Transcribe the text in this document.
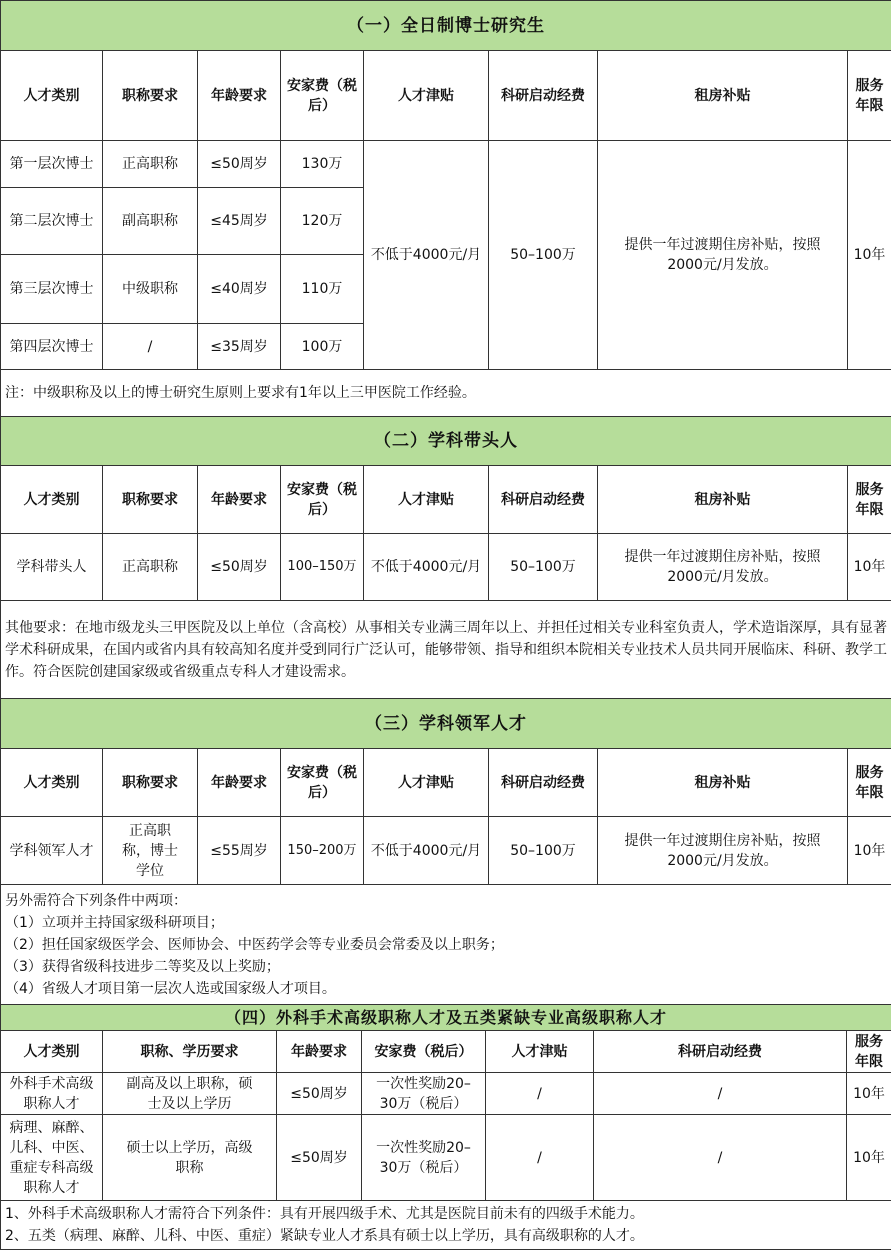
（一）全日制博士研究生							
人才类别	职称要求	年龄要求	安家费（税后）	人才津贴	科研启动经费	租房补贴	服务年限
第一层次博士	正高职称	≤50周岁	130万	不低于4000元/月	50–100万	提供一年过渡期住房补贴，按照2000元/月发放。	10年
第二层次博士	副高职称	≤45周岁	120万				
第三层次博士	中级职称	≤40周岁	110万				
第四层次博士	/	≤35周岁	100万				
注：中级职称及以上的博士研究生原则上要求有1年以上三甲医院工作经验。							
（二）学科带头人							
人才类别	职称要求	年龄要求	安家费（税后）	人才津贴	科研启动经费	租房补贴	服务年限
学科带头人	正高职称	≤50周岁	100–150万	不低于4000元/月	50–100万	提供一年过渡期住房补贴，按照2000元/月发放。	10年
其他要求：在地市级龙头三甲医院及以上单位（含高校）从事相关专业满三周年以上、并担任过相关专业科室负责人，学术造诣深厚，具有显著学术科研成果，在国内或省内具有较高知名度并受到同行广泛认可，能够带领、指导和组织本院相关专业技术人员共同开展临床、科研、教学工作。符合医院创建国家级或省级重点专科人才建设需求。							
（三）学科领军人才							
人才类别	职称要求	年龄要求	安家费（税后）	人才津贴	科研启动经费	租房补贴	服务年限
学科领军人才	正高职称，博士学位	≤55周岁	150–200万	不低于4000元/月	50–100万	提供一年过渡期住房补贴，按照2000元/月发放。	10年

另外需符合下列条件中两项：
（1）立项并主持国家级科研项目；
（2）担任国家级医学会、医师协会、中医药学会等专业委员会常委及以上职务；
（3）获得省级科技进步二等奖及以上奖励；
（4）省级人才项目第一层次人选或国家级人才项目。							
（四）外科手术高级职称人才及五类紧缺专业高级职称人才						
人才类别	职称、学历要求	年龄要求	安家费（税后）	人才津贴	科研启动经费	服务年限
外科手术高级职称人才	副高及以上职称，硕士及以上学历	≤50周岁	一次性奖励20–30万（税后）	/	/	10年
病理、麻醉、儿科、中医、重症专科高级职称人才	硕士以上学历，高级职称	≤50周岁	一次性奖励20–30万（税后）	/	/	10年

1、外科手术高级职称人才需符合下列条件：具有开展四级手术、尤其是医院目前未有的四级手术能力。
2、五类（病理、麻醉、儿科、中医、重症）紧缺专业人才系具有硕士以上学历，具有高级职称的人才。						
